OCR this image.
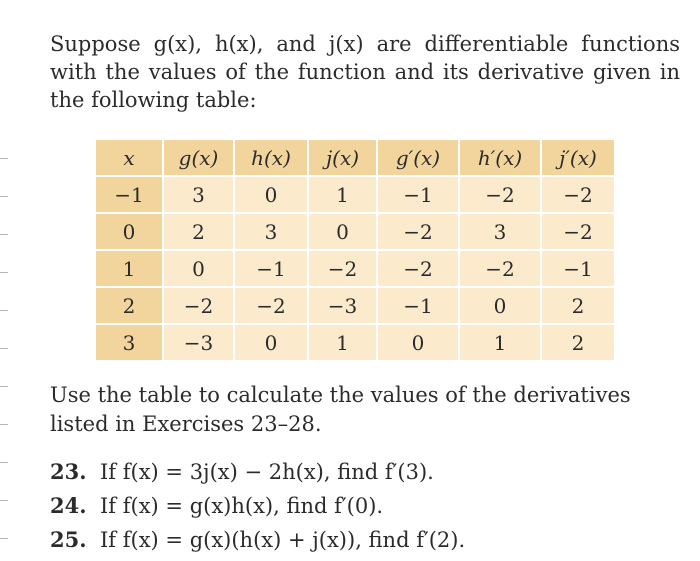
Suppose g(x), h(x), and j(x) are differentiable functions with the values of the function and its derivative given in the following table:

x	g(x)	h(x)	j(x)	g′(x)	h′(x)	j′(x)
−1	3	0	1	−1	−2	−2
0	2	3	0	−2	3	−2
1	0	−1	−2	−2	−2	−1
2	−2	−2	−3	−1	0	2
3	−3	0	1	0	1	2

Use the table to calculate the values of the derivatives listed in Exercises 23–28.

23. If f(x) = 3j(x) − 2h(x), find f′(3).
24. If f(x) = g(x)h(x), find f′(0).
25. If f(x) = g(x)(h(x) + j(x)), find f′(2).
